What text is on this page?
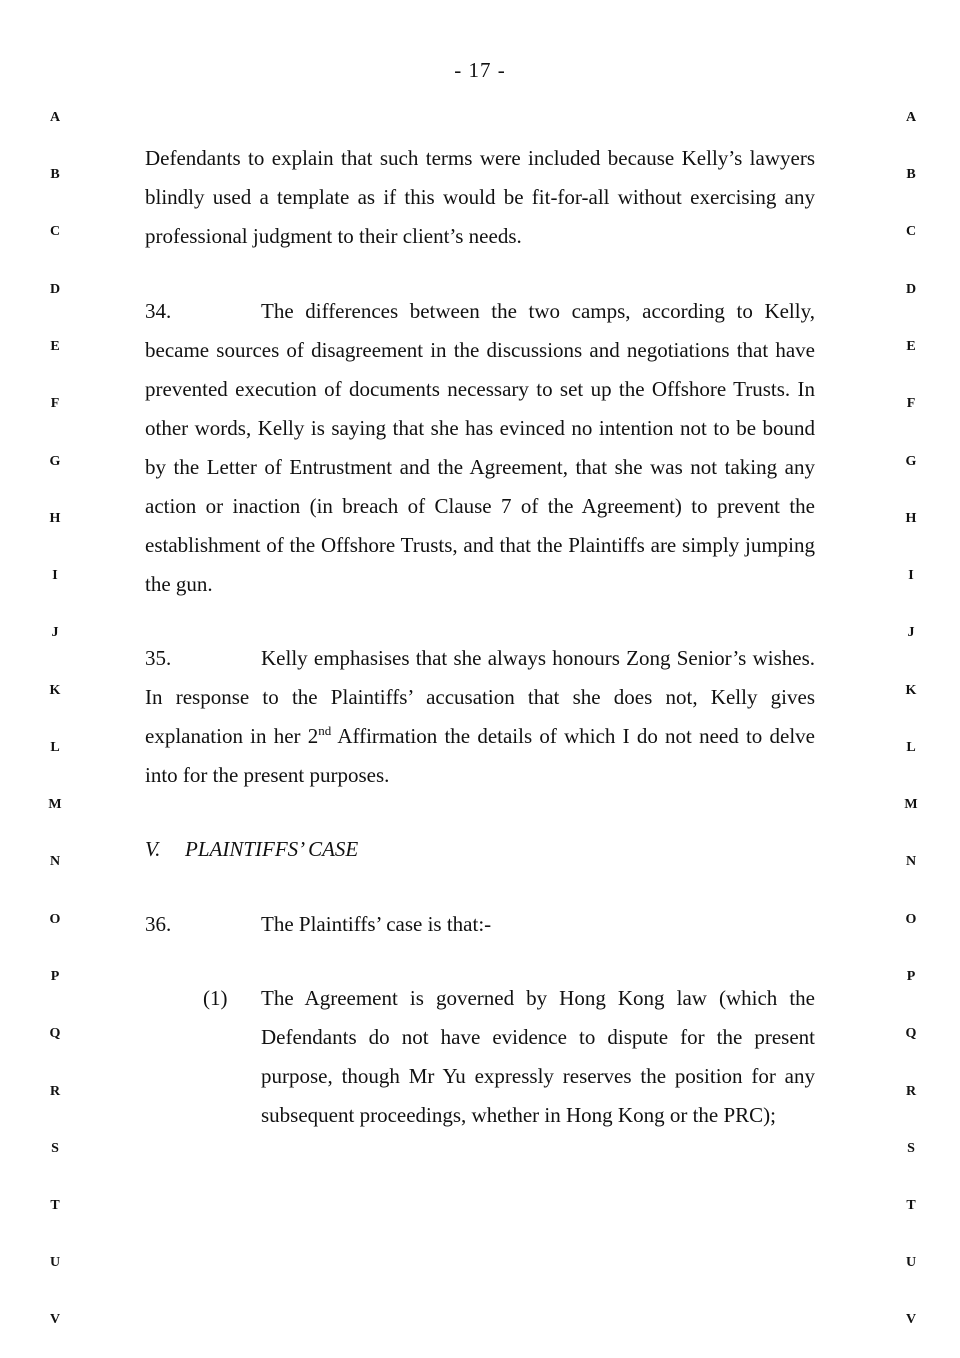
- 17 -
A
B
C
D
E
F
G
H
I
J
K
L
M
N
O
P
Q
R
S
T
U
V
A
B
C
D
E
F
G
H
I
J
K
L
M
N
O
P
Q
R
S
T
U
V

Defendants to explain that such terms were included because Kelly’s lawyers blindly used a template as if this would be fit-for-all without exercising any professional judgment to their client’s needs.

34.	The differences between the two camps, according to Kelly, became sources of disagreement in the discussions and negotiations that have prevented execution of documents necessary to set up the Offshore Trusts. In other words, Kelly is saying that she has evinced no intention not to be bound by the Letter of Entrustment and the Agreement, that she was not taking any action or inaction (in breach of Clause 7 of the Agreement) to prevent the establishment of the Offshore Trusts, and that the Plaintiffs are simply jumping the gun.

35.	Kelly emphasises that she always honours Zong Senior’s wishes. In response to the Plaintiffs’ accusation that she does not, Kelly gives explanation in her 2nd Affirmation the details of which I do not need to delve into for the present purposes.

V. PLAINTIFFS’ CASE

36.	The Plaintiffs’ case is that:-

(1) The Agreement is governed by Hong Kong law (which the Defendants do not have evidence to dispute for the present purpose, though Mr Yu expressly reserves the position for any subsequent proceedings, whether in Hong Kong or the PRC);
